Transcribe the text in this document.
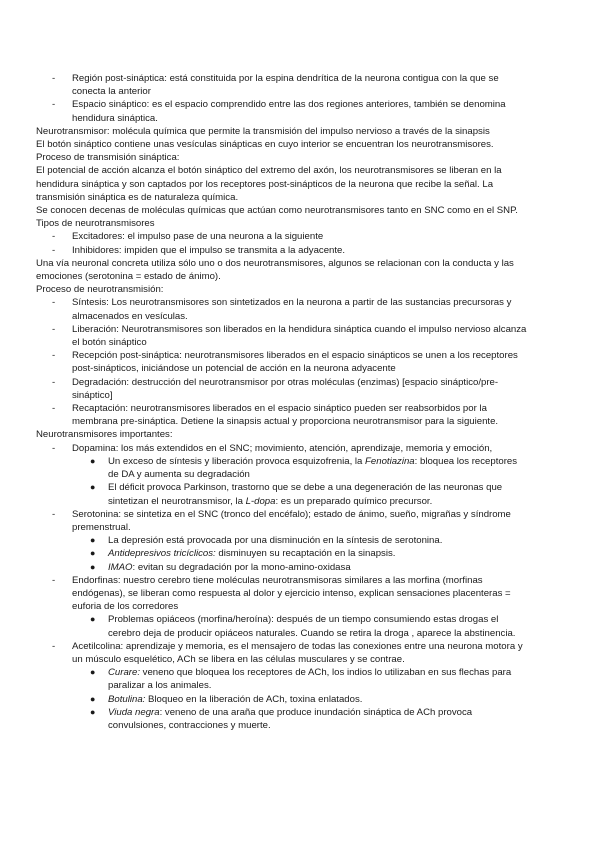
- Región post-sináptica: está constituida por la espina dendrítica de la neurona contigua con la que se conecta la anterior
- Espacio sináptico: es el espacio comprendido entre las dos regiones anteriores, también se denomina hendidura sináptica.
Neurotransmisor: molécula química que permite la transmisión del impulso nervioso a través de la sinapsis
El botón sináptico contiene unas vesículas sinápticas en cuyo interior se encuentran los neurotransmisores.
Proceso de transmisión sináptica:
El potencial de acción alcanza el botón sináptico del extremo del axón, los neurotransmisores se liberan en la hendidura sináptica y son captados por los receptores post-sinápticos de la neurona que recibe la señal. La transmisión sináptica es de naturaleza química.
Se conocen decenas de moléculas químicas que actúan como neurotransmisores tanto en SNC como en el SNP.
Tipos de neurotransmisores
- Excitadores: el impulso pase de una neurona a la siguiente
- Inhibidores: impiden que el impulso se transmita a la adyacente.
Una vía neuronal concreta utiliza sólo uno o dos neurotransmisores, algunos se relacionan con la conducta y las emociones (serotonina = estado de ánimo).
Proceso de neurotransmisión:
- Síntesis: Los neurotransmisores son sintetizados en la neurona a partir de las sustancias precursoras y almacenados en vesículas.
- Liberación: Neurotransmisores son liberados en la hendidura sináptica cuando el impulso nervioso alcanza el botón sináptico
- Recepción post-sináptica: neurotransmisores liberados en el espacio sinápticos se unen a los receptores post-sinápticos, iniciándose un potencial de acción en la neurona adyacente
- Degradación: destrucción del neurotransmisor por otras moléculas (enzimas) [espacio sináptico/pre-sináptico]
- Recaptación: neurotransmisores liberados en el espacio sináptico pueden ser reabsorbidos por la membrana pre-sináptica. Detiene la sinapsis actual y proporciona neurotransmisor para la siguiente.
Neurotransmisores importantes:
- Dopamina: los más extendidos en el SNC; movimiento, atención, aprendizaje, memoria y emoción,
● Un exceso de síntesis y liberación provoca esquizofrenia, la Fenotiazina: bloquea los receptores de DA y aumenta su degradación
● El déficit provoca Parkinson, trastorno que se debe a una degeneración de las neuronas que sintetizan el neurotransmisor, la L-dopa: es un preparado químico precursor.
- Serotonina: se sintetiza en el SNC (tronco del encéfalo); estado de ánimo, sueño, migrañas y síndrome premenstrual.
● La depresión está provocada por una disminución en la síntesis de serotonina.
● Antidepresivos tricíclicos: disminuyen su recaptación en la sinapsis.
● IMAO: evitan su degradación por la mono-amino-oxidasa
- Endorfinas: nuestro cerebro tiene moléculas neurotransmisoras similares a las morfina (morfinas endógenas), se liberan como respuesta al dolor y ejercicio intenso, explican sensaciones placenteras = euforia de los corredores
● Problemas opiáceos (morfina/heroína): después de un tiempo consumiendo estas drogas el cerebro deja de producir opiáceos naturales. Cuando se retira la droga , aparece la abstinencia.
- Acetilcolina: aprendizaje y memoria, es el mensajero de todas las conexiones entre una neurona motora y un músculo esquelético, ACh se libera en las células musculares y se contrae.
● Curare: veneno que bloquea los receptores de ACh, los indios lo utilizaban en sus flechas para paralizar a los animales.
● Botulina: Bloqueo en la liberación de ACh, toxina enlatados.
● Viuda negra: veneno de una araña que produce inundación sináptica de ACh provoca convulsiones, contracciones y muerte.
